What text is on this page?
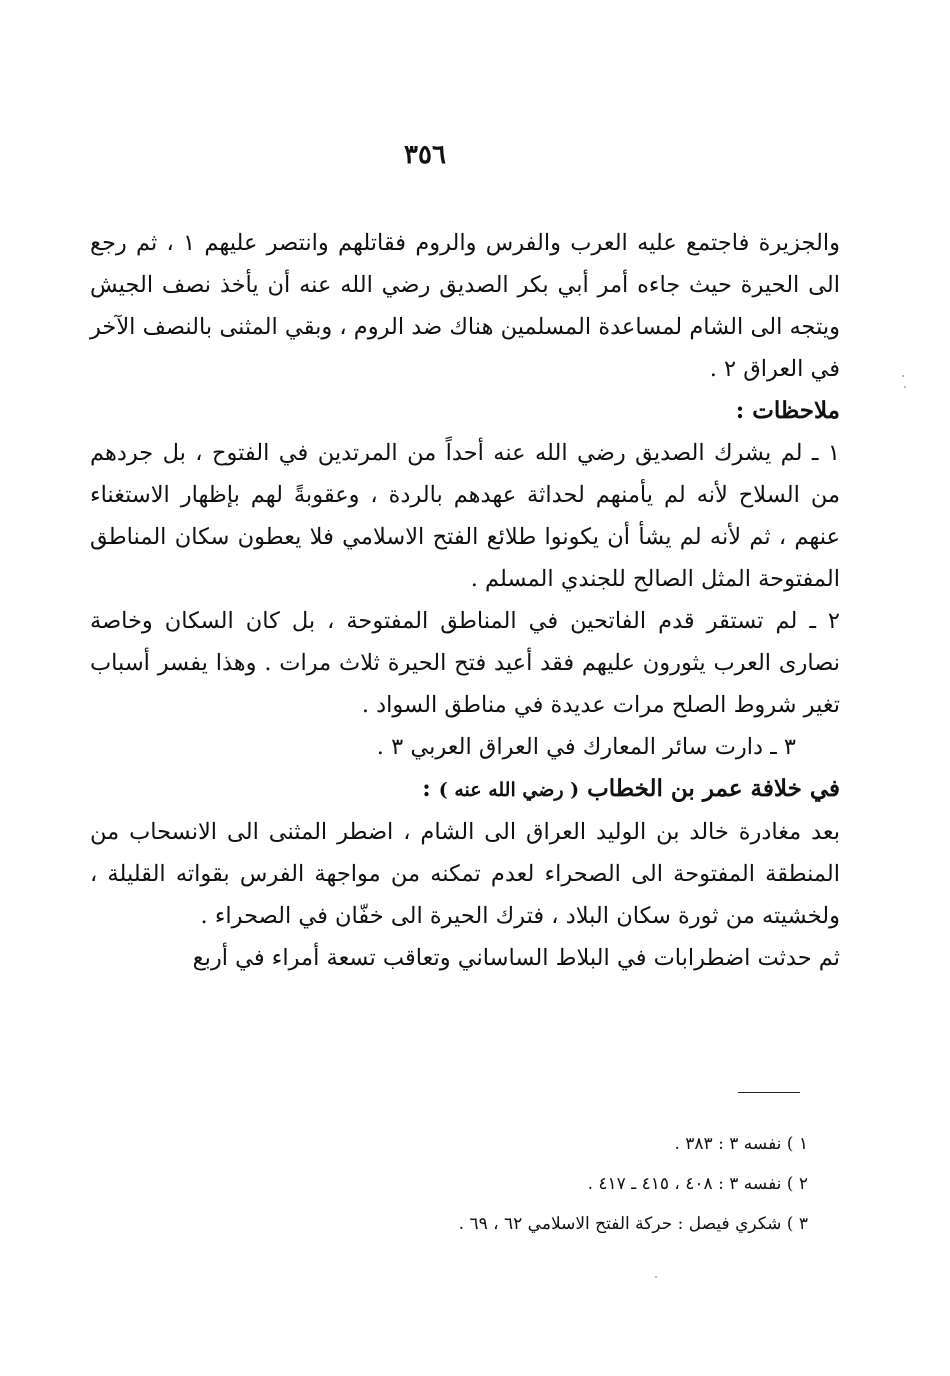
٣٥٦

والجزيرة فاجتمع عليه العرب والفرس والروم فقاتلهم وانتصر عليهم ١ ، ثم رجع الى الحيرة حيث جاءه أمر أبي بكر الصديق رضي الله عنه أن يأخذ نصف الجيش ويتجه الى الشام لمساعدة المسلمين هناك ضد الروم ، وبقي المثنى بالنصف الآخر في العراق ٢ .

ملاحظات :

١ ـ لم يشرك الصديق رضي الله عنه أحداً من المرتدين في الفتوح ، بل جردهم من السلاح لأنه لم يأمنهم لحداثة عهدهم بالردة ، وعقوبةً لهم بإظهار الاستغناء عنهم ، ثم لأنه لم يشأ أن يكونوا طلائع الفتح الاسلامي فلا يعطون سكان المناطق المفتوحة المثل الصالح للجندي المسلم .

٢ ـ لم تستقر قدم الفاتحين في المناطق المفتوحة ، بل كان السكان وخاصة نصارى العرب يثورون عليهم فقد أعيد فتح الحيرة ثلاث مرات . وهذا يفسر أسباب تغير شروط الصلح مرات عديدة في مناطق السواد .

٣ ـ دارت سائر المعارك في العراق العربي ٣ .

في خلافة عمر بن الخطاب ( رضي الله عنه ) :

بعد مغادرة خالد بن الوليد العراق الى الشام ، اضطر المثنى الى الانسحاب من المنطقة المفتوحة الى الصحراء لعدم تمكنه من مواجهة الفرس بقواته القليلة ، ولخشيته من ثورة سكان البلاد ، فترك الحيرة الى خفّان في الصحراء .

ثم حدثت اضطرابات في البلاط الساساني وتعاقب تسعة أمراء في أربع

١ ) نفسه ٣ : ٣٨٣ .
٢ ) نفسه ٣ : ٤٠٨ ، ٤١٥ ـ ٤١٧ .
٣ ) شكري فيصل : حركة الفتح الاسلامي ٦٢ ، ٦٩ .
